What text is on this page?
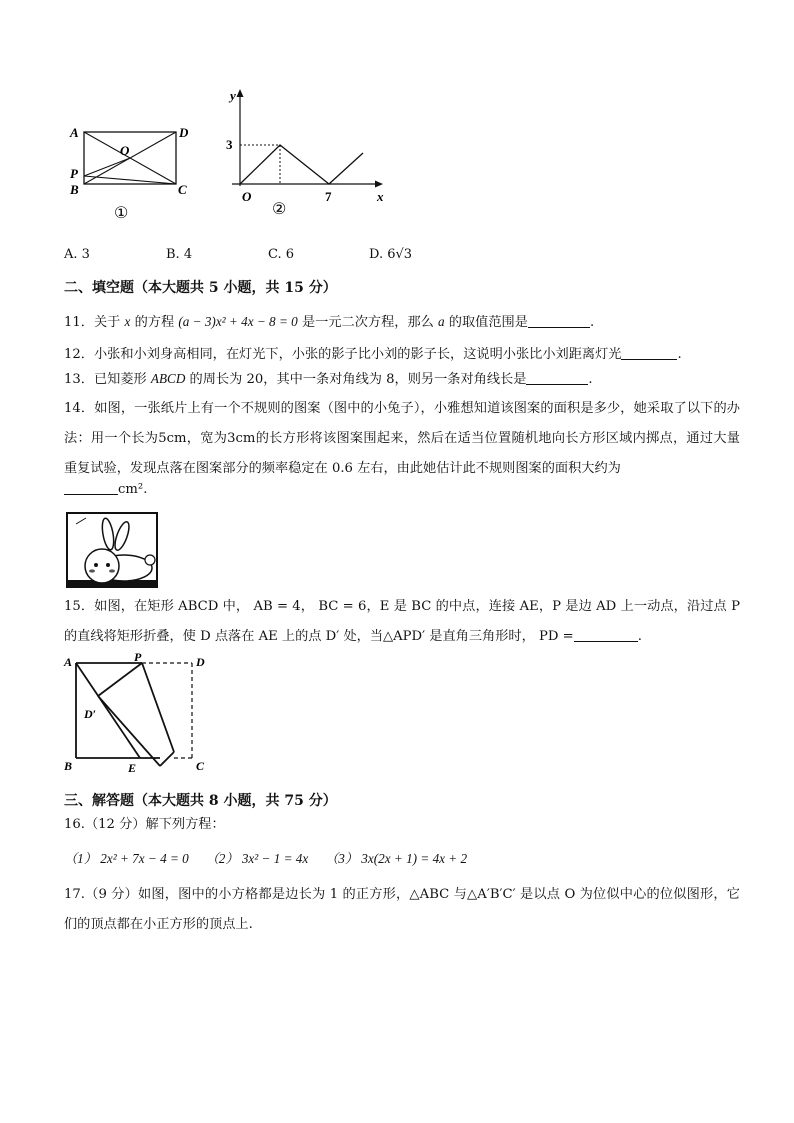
A	D
O
P
B	C
①
y
x
O
3
7
②
A. 3	B. 4	C. 6	D. 6√3
二、填空题（本大题共 5 小题，共 15 分）
11．关于 x 的方程 (a − 3)x² + 4x − 8 = 0 是一元二次方程，那么 a 的取值范围是	.
12．小张和小刘身高相同，在灯光下，小张的影子比小刘的影子长，这说明小张比小刘距离灯光	.
13．已知菱形 ABCD 的周长为 20，其中一条对角线为 8，则另一条对角线长是	.
14．如图，一张纸片上有一个不规则的图案（图中的小兔子），小雅想知道该图案的面积是多少，她采取了以下的办法：用一个长为5cm，宽为3cm的长方形将该图案围起来，然后在适当位置随机地向长方形区域内掷点，通过大量重复试验，发现点落在图案部分的频率稳定在 0.6 左右，由此她估计此不规则图案的面积大约为
cm².
15．如图，在矩形 ABCD 中， AB = 4， BC = 6，E 是 BC 的中点，连接 AE，P 是边 AD 上一动点，沿过点 P 的直线将矩形折叠，使 D 点落在 AE 上的点 D′ 处，当△APD′ 是直角三角形时， PD =	.
A	P	D
D′
B	E	C
三、解答题（本大题共 8 小题，共 75 分）
16.（12 分）解下列方程：
（1） 2x² + 7x − 4 = 0 （2） 3x² − 1 = 4x （3） 3x(2x + 1) = 4x + 2
17.（9 分）如图，图中的小方格都是边长为 1 的正方形，△ABC 与△A′B′C′ 是以点 O 为位似中心的位似图形，它们的顶点都在小正方形的顶点上.
